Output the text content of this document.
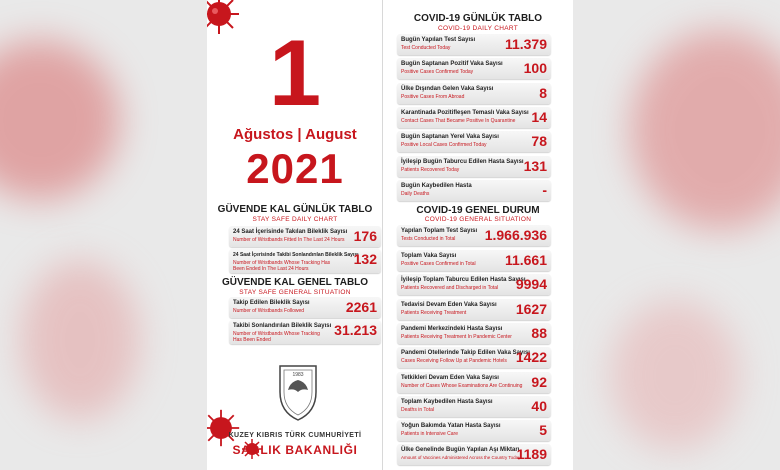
1
Ağustos | August
2021
GÜVENDE KAL GÜNLÜK TABLO
STAY SAFE DAILY CHART
24 Saat İçerisinde Takılan Bileklik Sayısı
Number of Wristbands Fitted In The Last 24 Hours 176
24 Saat İçerisinde Takibi Sonlandırılan Bileklik Sayısı
Number of Wristbands Whose Tracking Has Been Ended In The Last 24 Hours
132
GÜVENDE KAL GENEL TABLO
STAY SAFE GENERAL SITUATION
Takip Edilen Bileklik Sayısı
Number of Wristbands Followed	2261
Takibi Sonlandırılan Bileklik Sayısı
Number of Wristbands Whose Tracking Has Been Ended
31.213
1983
KUZEY KIBRIS TÜRK CUMHURİYETİ
SAĞLIK BAKANLIĞI
COVID-19 GÜNLÜK TABLO
COVID-19 DAILY CHART
Bugün Yapılan Test Sayısı
Test Conducted Today	11.379
Bugün Saptanan Pozitif Vaka Sayısı
Positive Cases Confirmed Today	100
Ülke Dışından Gelen Vaka Sayısı
Positive Cases From Abroad	8
Karantinada Pozitifleşen Temaslı Vaka Sayısı
Contact Cases That Became Positive In Quarantine 14
Bugün Saptanan Yerel Vaka Sayısı
Positive Local Cases Confirmed Today	78
İyileşip Bugün Taburcu Edilen Hasta Sayısı
Patients Recovered Today	131
Bugün Kaybedilen Hasta
Daily Deaths	-
COVID-19 GENEL DURUM
COVID-19 GENERAL SITUATION
Yapılan Toplam Test Sayısı
Tests Conducted in Total 1.966.936
Toplam Vaka Sayısı
Positive Cases Confirmed in Total 11.661
İyileşip Toplam Taburcu Edilen Hasta Sayısı
Patients Recovered and Discharged in Total 9994
Tedavisi Devam Eden Vaka Sayısı
Patients Receiving Treatment	1627
Pandemi Merkezindeki Hasta Sayısı
Patients Receiving Treatment In Pandemic Center 88
Pandemi Otellerinde Takip Edilen Vaka Sayısı
Cases Receiving Follow Up at Pandemic Hotels 1422
Tetkikleri Devam Eden Vaka Sayısı
Number of Cases Whose Examinations Are Continuing 92
Toplam Kaybedilen Hasta Sayısı
Deaths in Total	40
Yoğun Bakımda Yatan Hasta Sayısı
Patients in Intensive Care	5
Ülke Genelinde Bugün Yapılan Aşı Miktarı
Amount of Vaccines Administered Across the Country Today
1189
